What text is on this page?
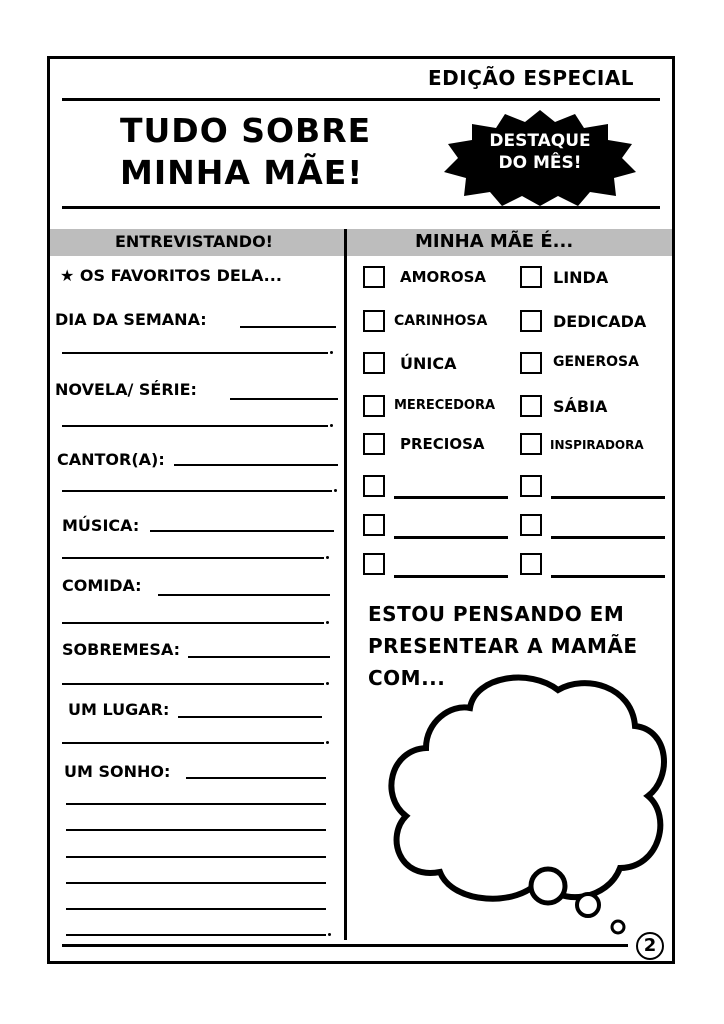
EDIÇÃO ESPECIAL
TUDO SOBRE
MINHA MÃE!
DESTAQUE
DO MÊS!
ENTREVISTANDO!	MINHA MÃE É...
★ OS FAVORITOS DELA...
DIA DA SEMANA:
NOVELA/ SÉRIE:
CANTOR(A):
MÚSICA:
COMIDA:
SOBREMESA:
UM LUGAR:
UM SONHO:
AMOROSA
CARINHOSA
ÚNICA
MERECEDORA
PRECIOSA
LINDA
DEDICADA
GENEROSA
SÁBIA
INSPIRADORA
ESTOU PENSANDO EM
PRESENTEAR A MAMÃE
COM...
2
